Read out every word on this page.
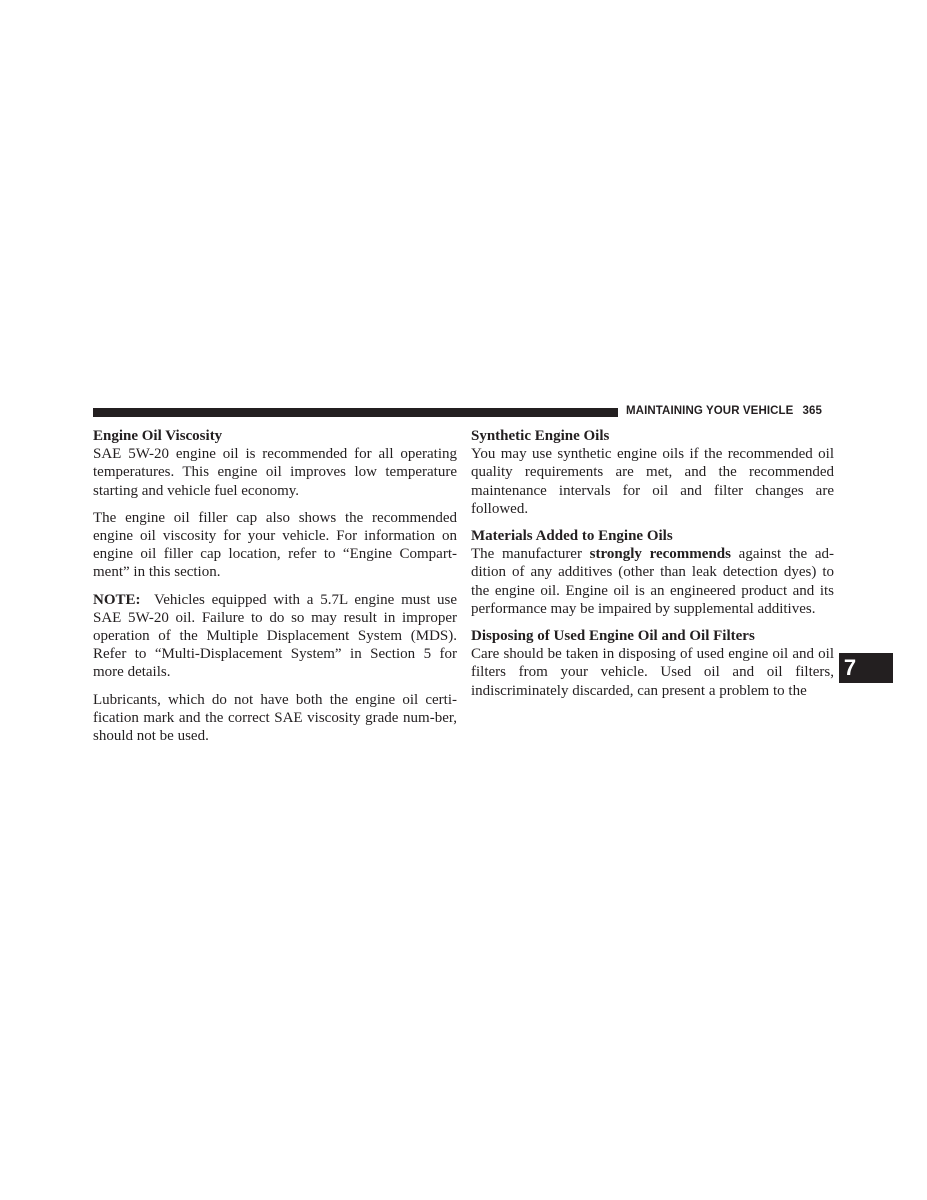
MAINTAINING YOUR VEHICLE 365

Engine Oil Viscosity

SAE 5W-20 engine oil is recommended for all operating temperatures. This engine oil improves low temperature starting and vehicle fuel economy.

The engine oil filler cap also shows the recommended engine oil viscosity for your vehicle. For information on engine oil filler cap location, refer to “Engine Compart-ment” in this section.

NOTE: Vehicles equipped with a 5.7L engine must use SAE 5W-20 oil. Failure to do so may result in improper operation of the Multiple Displacement System (MDS). Refer to “Multi-Displacement System” in Section 5 for more details.

Lubricants, which do not have both the engine oil certi-fication mark and the correct SAE viscosity grade num-ber, should not be used.

Synthetic Engine Oils

You may use synthetic engine oils if the recommended oil quality requirements are met, and the recommended maintenance intervals for oil and filter changes are followed.

Materials Added to Engine Oils

The manufacturer strongly recommends against the ad-dition of any additives (other than leak detection dyes) to the engine oil. Engine oil is an engineered product and its performance may be impaired by supplemental additives.

Disposing of Used Engine Oil and Oil Filters

Care should be taken in disposing of used engine oil and oil filters from your vehicle. Used oil and oil filters, indiscriminately discarded, can present a problem to the

7
